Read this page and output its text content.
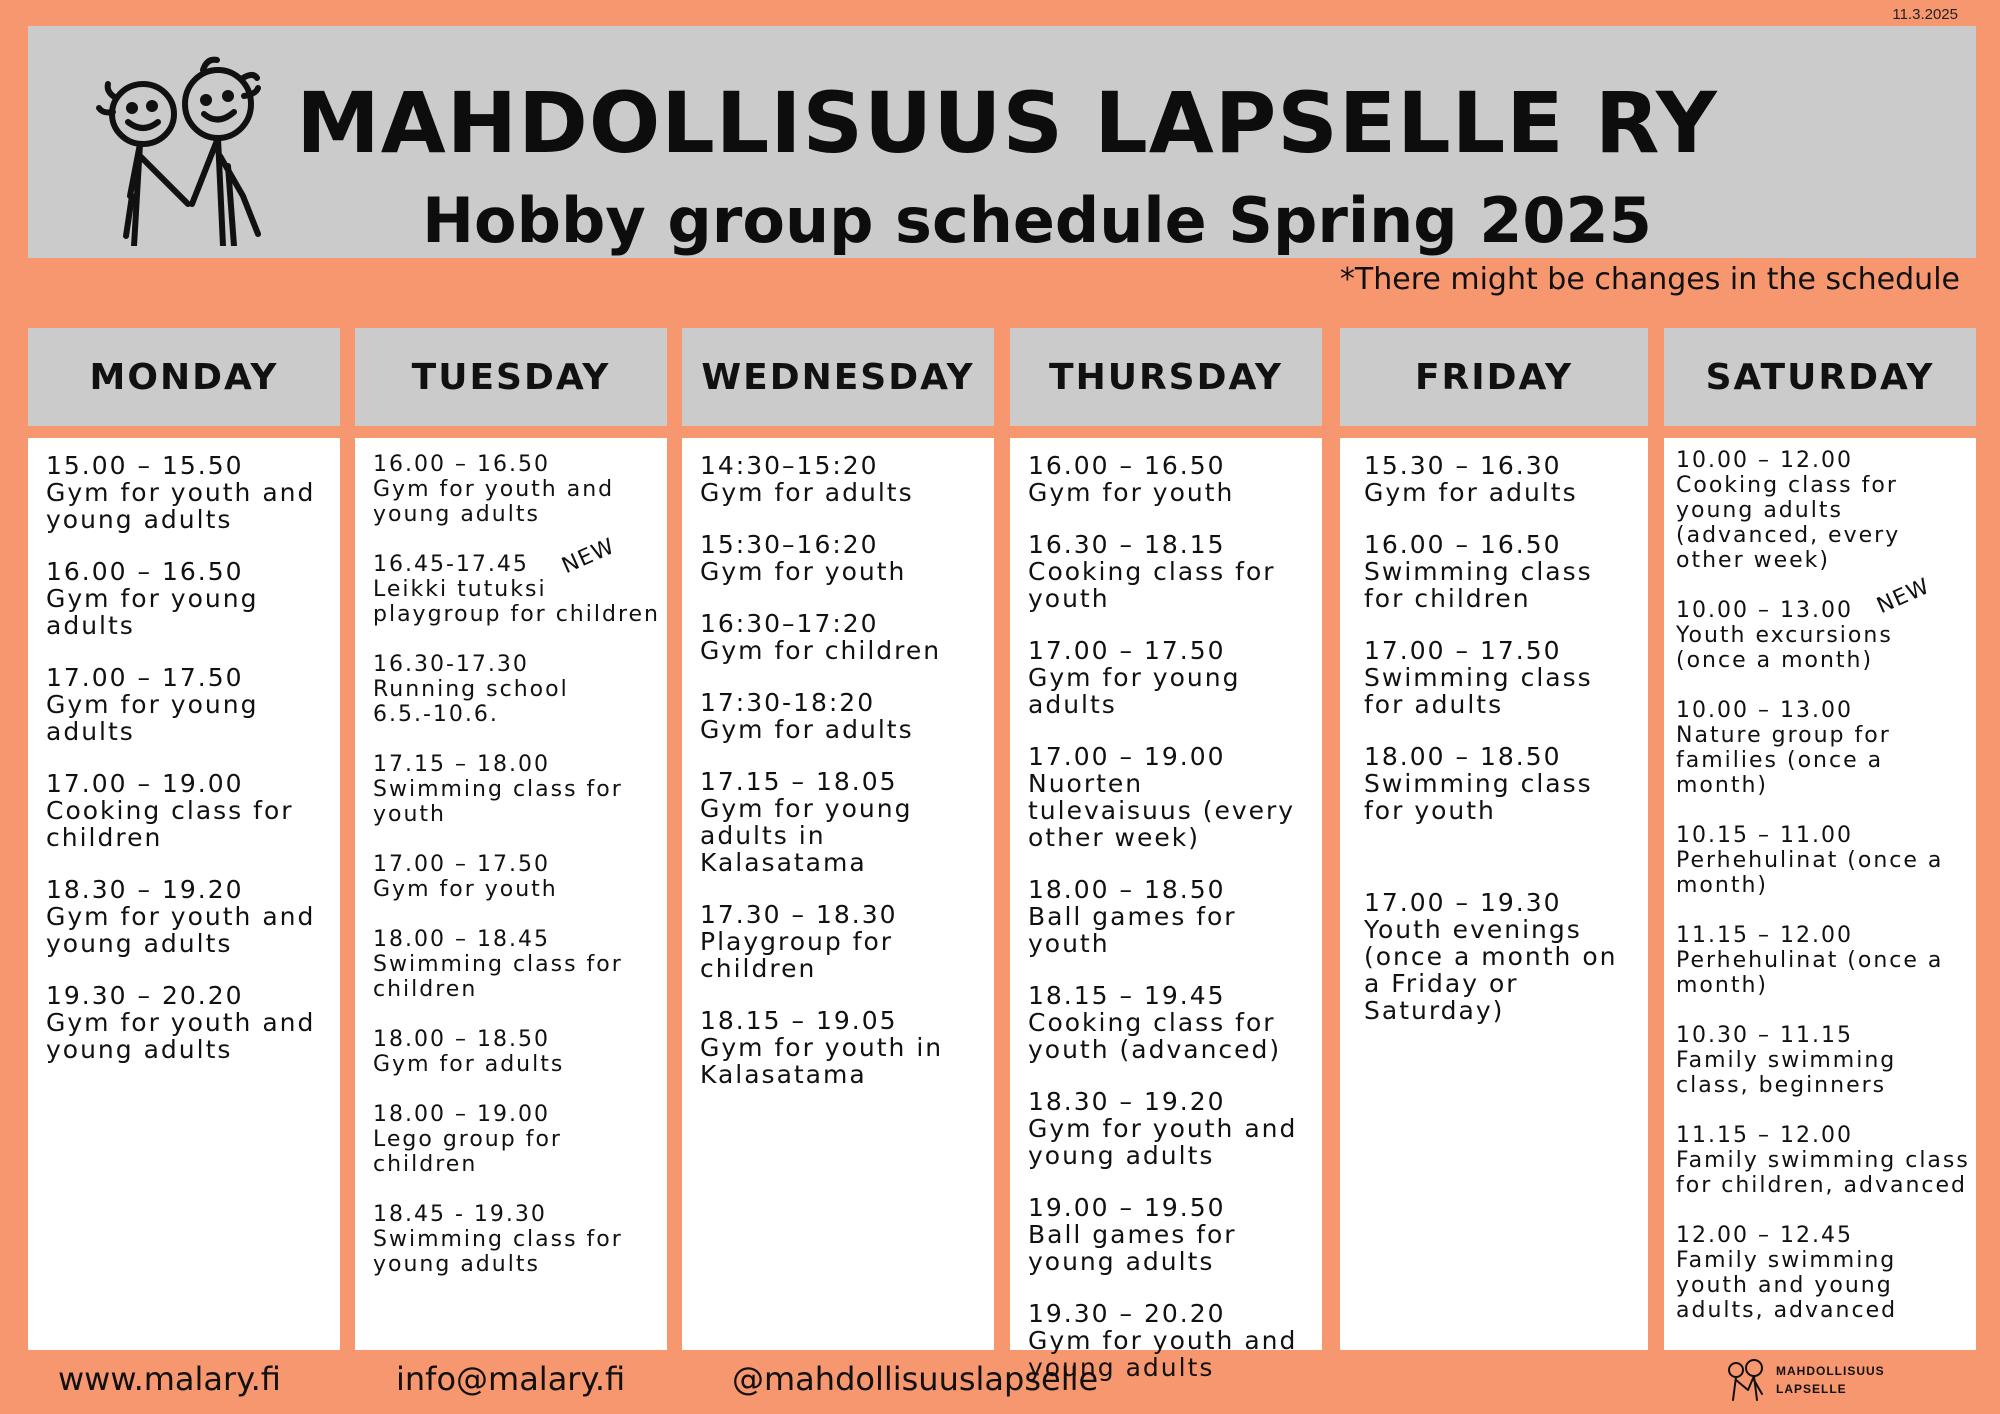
11.3.2025
MAHDOLLISUUS LAPSELLE RY
Hobby group schedule Spring 2025
*There might be changes in the schedule
MONDAY
15.00 – 15.50
Gym for youth and young adults
16.00 – 16.50
Gym for young adults
17.00 – 17.50
Gym for young adults
17.00 – 19.00
Cooking class for children
18.30 – 19.20
Gym for youth and young adults
19.30 – 20.20
Gym for youth and young adults
TUESDAY
NEW
16.00 – 16.50
Gym for youth and young adults
16.45-17.45
Leikki tutuksi playgroup for children
16.30-17.30
Running school 6.5.-10.6.
17.15 – 18.00
Swimming class for youth
17.00 – 17.50
Gym for youth
18.00 – 18.45
Swimming class for children
18.00 – 18.50
Gym for adults
18.00 – 19.00
Lego group for children
18.45 - 19.30
Swimming class for young adults
WEDNESDAY
14:30–15:20
Gym for adults
15:30–16:20
Gym for youth
16:30–17:20
Gym for children
17:30-18:20
Gym for adults
17.15 – 18.05
Gym for young adults in Kalasatama
17.30 – 18.30
Playgroup for children
18.15 – 19.05
Gym for youth in Kalasatama
THURSDAY
16.00 – 16.50
Gym for youth
16.30 – 18.15
Cooking class for youth
17.00 – 17.50
Gym for young adults
17.00 – 19.00
Nuorten tulevaisuus (every other week)
18.00 – 18.50
Ball games for youth
18.15 – 19.45
Cooking class for youth (advanced)
18.30 – 19.20
Gym for youth and young adults
19.00 – 19.50
Ball games for young adults
19.30 – 20.20
Gym for youth and young adults
FRIDAY
15.30 – 16.30
Gym for adults
16.00 – 16.50
Swimming class for children
17.00 – 17.50
Swimming class for adults
18.00 – 18.50
Swimming class for youth
17.00 – 19.30
Youth evenings (once a month on a Friday or Saturday)
SATURDAY
NEW
10.00 – 12.00
Cooking class for young adults (advanced, every other week)
10.00 – 13.00
Youth excursions (once a month)
10.00 – 13.00
Nature group for families (once a month)
10.15 – 11.00
Perhehulinat (once a month)
11.15 – 12.00
Perhehulinat (once a month)
10.30 – 11.15
Family swimming class, beginners
11.15 – 12.00
Family swimming class for children, advanced
12.00 – 12.45
Family swimming youth and young adults, advanced
www.malary.fi	info@malary.fi	@mahdollisuuslapselle	MAHDOLLISUUS
LAPSELLE
